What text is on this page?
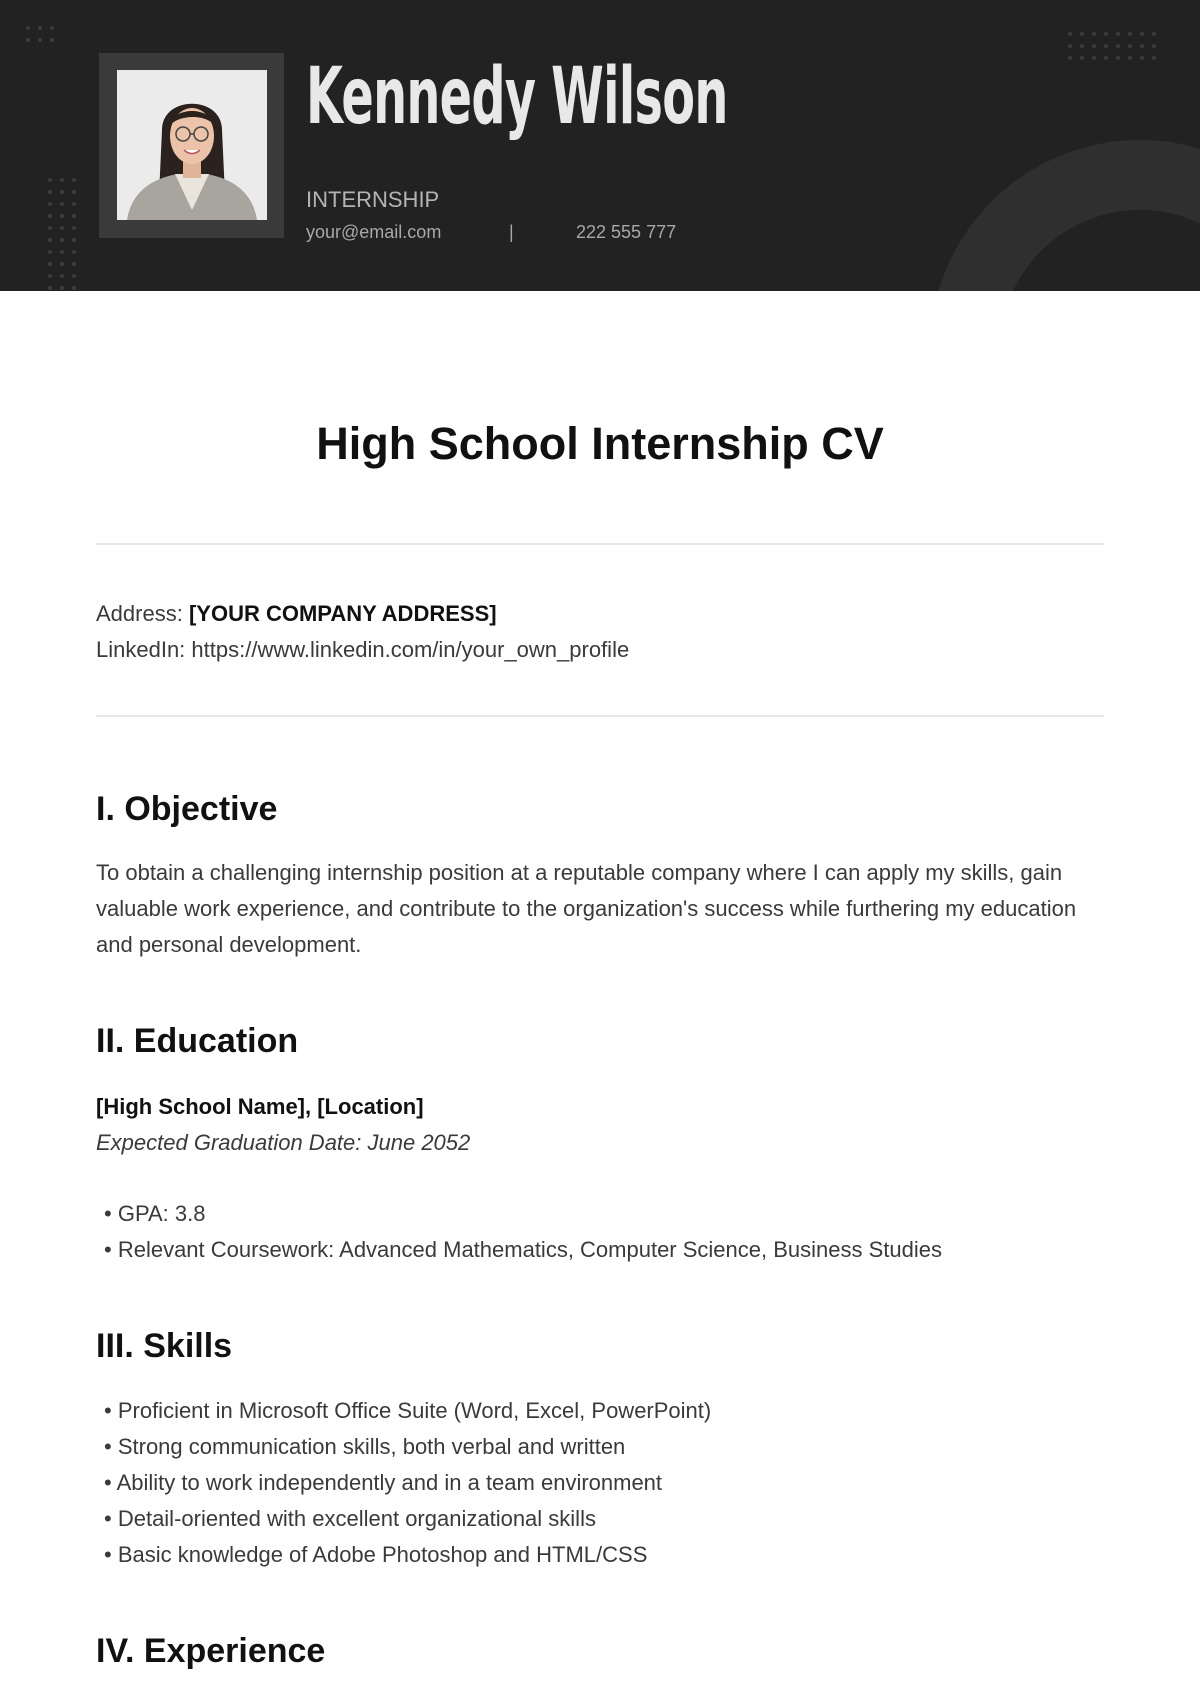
Kennedy Wilson
INTERNSHIP
your@email.com	|	222 555 777
High School Internship CV
Address: [YOUR COMPANY ADDRESS]
LinkedIn: https://www.linkedin.com/in/your_own_profile
I. Objective
To obtain a challenging internship position at a reputable company where I can apply my skills, gain valuable work experience, and contribute to the organization's success while furthering my education and personal development.
II. Education
[High School Name], [Location]
Expected Graduation Date: June 2052
• GPA: 3.8
• Relevant Coursework: Advanced Mathematics, Computer Science, Business Studies
III. Skills
• Proficient in Microsoft Office Suite (Word, Excel, PowerPoint)
• Strong communication skills, both verbal and written
• Ability to work independently and in a team environment
• Detail-oriented with excellent organizational skills
• Basic knowledge of Adobe Photoshop and HTML/CSS
IV. Experience
